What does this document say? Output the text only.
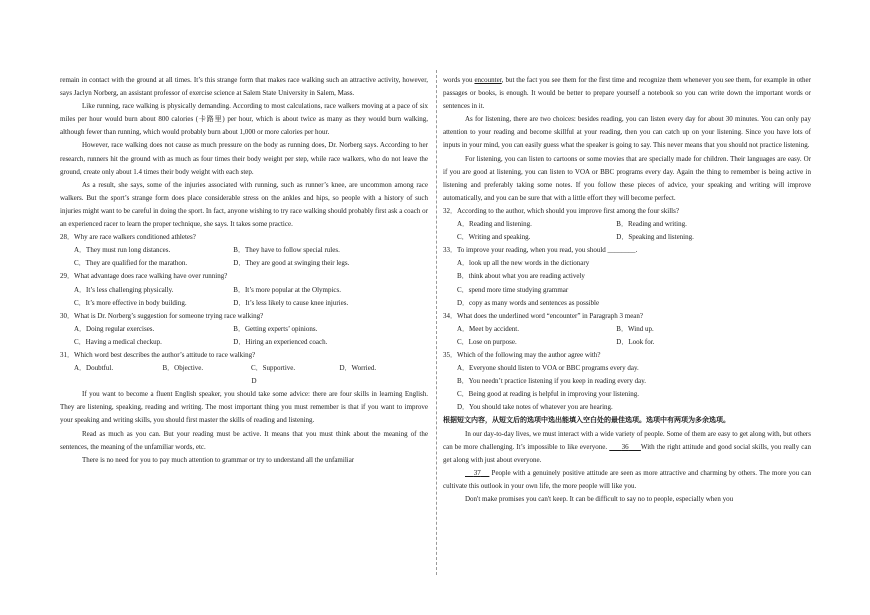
remain in contact with the ground at all times. It’s this strange form that makes race walking such an attractive activity, however, says Jaclyn Norberg, an assistant professor of exercise science at Salem State University in Salem, Mass.

Like running, race walking is physically demanding. According to most calculations, race walkers moving at a pace of six miles per hour would burn about 800 calories (卡路里) per hour, which is about twice as many as they would burn walking, although fewer than running, which would probably burn about 1,000 or more calories per hour.

However, race walking does not cause as much pressure on the body as running does, Dr. Norberg says. According to her research, runners hit the ground with as much as four times their body weight per step, while race walkers, who do not leave the ground, create only about 1.4 times their body weight with each step.

As a result, she says, some of the injuries associated with running, such as runner’s knee, are uncommon among race walkers. But the sport’s strange form does place considerable stress on the ankles and hips, so people with a history of such injuries might want to be careful in doing the sport. In fact, anyone wishing to try race walking should probably first ask a coach or an experienced racer to learn the proper technique, she says. It takes some practice.

28．Why are race walkers conditioned athletes?

A．They must run long distances.	B．They have to follow special rules.
C．They are qualified for the marathon.	D．They are good at swinging their legs.

29．What advantage does race walking have over running?

A．It’s less challenging physically.	B．It’s more popular at the Olympics.
C．It’s more effective in body building.	D．It’s less likely to cause knee injuries.

30．What is Dr. Norberg’s suggestion for someone trying race walking?

A．Doing regular exercises.	B．Getting experts’ opinions.
C．Having a medical checkup.	D．Hiring an experienced coach.

31．Which word best describes the author’s attitude to race walking?

A．Doubtful.	B．Objective.	C．Supportive.	D．Worried.
D

If you want to become a fluent English speaker, you should take some advice: there are four skills in learning English. They are listening, speaking, reading and writing. The most important thing you must remember is that if you want to improve your speaking and writing skills, you should first master the skills of reading and listening.

Read as much as you can. But your reading must be active. It means that you must think about the meaning of the sentences, the meaning of the unfamiliar words, etc.

There is no need for you to pay much attention to grammar or try to understand all the unfamiliar

words you encounter, but the fact you see them for the first time and recognize them whenever you see them, for example in other passages or books, is enough. It would be better to prepare yourself a notebook so you can write down the important words or sentences in it.

As for listening, there are two choices: besides reading, you can listen every day for about 30 minutes. You can only pay attention to your reading and become skillful at your reading, then you can catch up on your listening. Since you have lots of inputs in your mind, you can easily guess what the speaker is going to say. This never means that you should not practice listening.

For listening, you can listen to cartoons or some movies that are specially made for children. Their languages are easy. Or if you are good at listening, you can listen to VOA or BBC programs every day. Again the thing to remember is being active in listening and preferably taking some notes. If you follow these pieces of advice, your speaking and writing will improve automatically, and you can be sure that with a little effort they will become perfect.

32．According to the author, which should you improve first among the four skills?

A．Reading and listening.	B．Reading and writing.
C．Writing and speaking.	D．Speaking and listening.

33．To improve your reading, when you read, you should ________.

A．look up all the new words in the dictionary
B．think about what you are reading actively
C．spend more time studying grammar
D．copy as many words and sentences as possible

34．What does the underlined word “encounter” in Paragraph 3 mean?

A．Meet by accident.	B．Wind up.
C．Lose on purpose.	D．Look for.

35．Which of the following may the author agree with?

A．Everyone should listen to VOA or BBC programs every day.
B．You needn’t practice listening if you keep in reading every day.
C．Being good at reading is helpful in improving your listening.
D．You should take notes of whatever you are hearing.

根据短文内容，从短文后的选项中选出能填入空白处的最佳选项。选项中有两项为多余选项。

In our day-to-day lives, we must interact with a wide variety of people. Some of them are easy to get along with, but others can be more challenging. It’s impossible to like everyone. 36 With the right attitude and good social skills, you really can get along with just about everyone.

37 People with a genuinely positive attitude are seen as more attractive and charming by others. The more you can cultivate this outlook in your own life, the more people will like you.

Don't make promises you can't keep. It can be difficult to say no to people, especially when you
